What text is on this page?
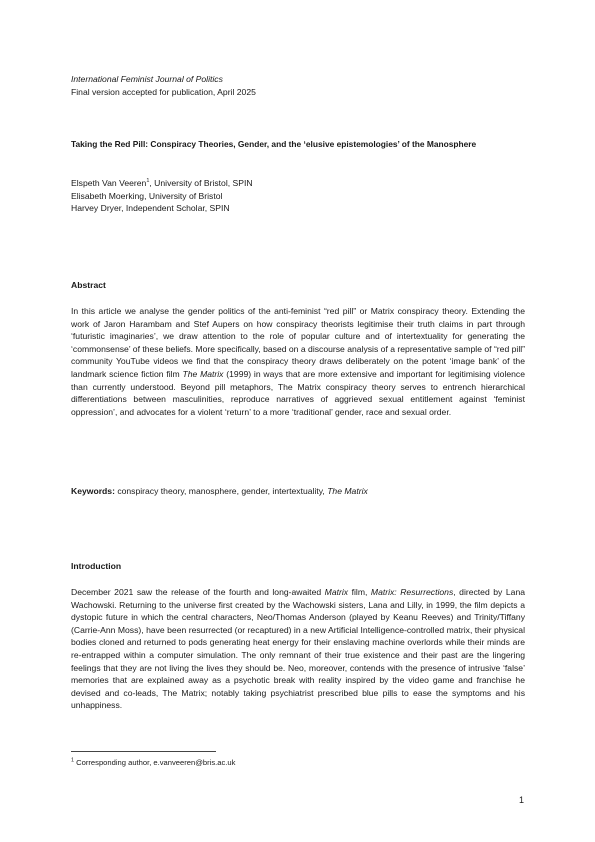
International Feminist Journal of Politics

Final version accepted for publication, April 2025

Taking the Red Pill: Conspiracy Theories, Gender, and the ‘elusive epistemologies’ of the Manosphere

Elspeth Van Veeren$^1$, University of Bristol, SPIN

Elisabeth Moerking, University of Bristol

Harvey Dryer, Independent Scholar, SPIN

Abstract
In this article we analyse the gender politics of the anti-feminist “red pill” or Matrix conspiracy theory. Extending the work of Jaron Harambam and Stef Aupers on how conspiracy theorists legitimise their truth claims in part through ‘futuristic imaginaries’, we draw attention to the role of popular culture and of intertextuality for generating the ‘commonsense’ of these beliefs. More specifically, based on a discourse analysis of a representative sample of “red pill” community YouTube videos we find that the conspiracy theory draws deliberately on the potent ‘image bank’ of the landmark science fiction film The Matrix (1999) in ways that are more extensive and important for legitimising violence than currently understood. Beyond pill metaphors, The Matrix conspiracy theory serves to entrench hierarchical differentiations between masculinities, reproduce narratives of aggrieved sexual entitlement against ‘feminist oppression’, and advocates for a violent ‘return’ to a more ‘traditional’ gender, race and sexual order.
Keywords: conspiracy theory, manosphere, gender, intertextuality, The Matrix
Introduction
December 2021 saw the release of the fourth and long-awaited Matrix film, Matrix: Resurrections, directed by Lana Wachowski. Returning to the universe first created by the Wachowski sisters, Lana and Lilly, in 1999, the film depicts a dystopic future in which the central characters, Neo/Thomas Anderson (played by Keanu Reeves) and Trinity/Tiffany (Carrie-Ann Moss), have been resurrected (or recaptured) in a new Artificial Intelligence-controlled matrix, their physical bodies cloned and returned to pods generating heat energy for their enslaving machine overlords while their minds are re-entrapped within a computer simulation. The only remnant of their true existence and their past are the lingering feelings that they are not living the lives they should be. Neo, moreover, contends with the presence of intrusive ‘false’ memories that are explained away as a psychotic break with reality inspired by the video game and franchise he devised and co-leads, The Matrix; notably taking psychiatrist prescribed blue pills to ease the symptoms and his unhappiness.
$^1$ Corresponding author, e.vanveeren@bris.ac.uk
1
